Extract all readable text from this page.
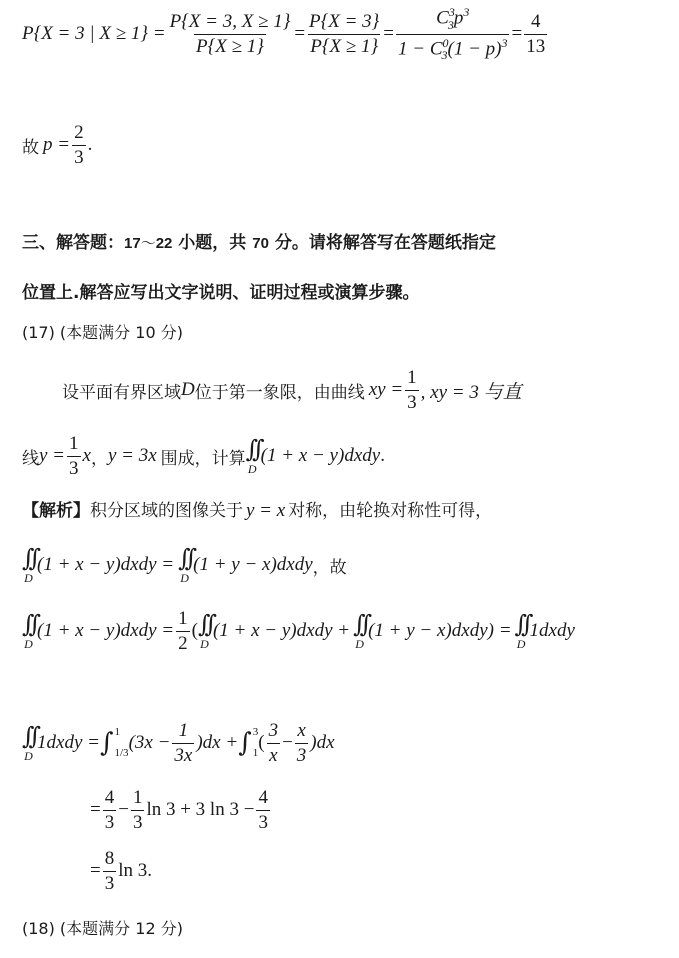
P{X = 3 | $X \ge 1\} = \frac{P\{X = 3, X \ge 1\}}{P\{X \ge 1\}} = \frac{P\{X = 3\}}{P\{X \ge 1\}} = \frac{C^3_3p^3}{1 - C^0_3(1 - p)^3} = \frac{4}{13}$
故 $p = \frac{2}{3}$ .
三、解答题：17～22 小题，共 70 分。请将解答写在答题纸指定
位置上.解答应写出文字说明、证明过程或演算步骤。
(17) (本题满分 10 分)
设平面有界区域 D 位于第一象限，由曲线 xy = $\frac{1}{3}$ , xy = 3 与直
线 $y = \frac{1}{3}$ x ， y = 3x 围成，计算 ∫∫
D
(1 + x − y)dxdy .
【解析】积分区域的图像关于 y = x 对称，由轮换对称性可得，
∫∫
D
(1 + x − y)dxdy = ∫∫
D
(1 + y − x)dxdy ，故
∫∫
D
(1 + x − y)dxdy = $\frac{1}{2}$ ( ∫∫
D
(1 + x − y)dxdy + ∫∫
D
(1 + y − x)dxdy) = ∫∫
D
1dxdy
∫∫
D
1dxdy = ∫ 1
1/3 $(3x - \frac{1}{3x} )dx$ + ∫ 3
1 ( $\frac{3}{x} - \frac{x}{3} )dx$
= $\frac{4}{3} - \frac{1}{3}$ ln 3 + 3 $\ln 3 - \frac{4}{3}$
= $\frac{8}{3}$ ln 3.
(18) (本题满分 12 分)
